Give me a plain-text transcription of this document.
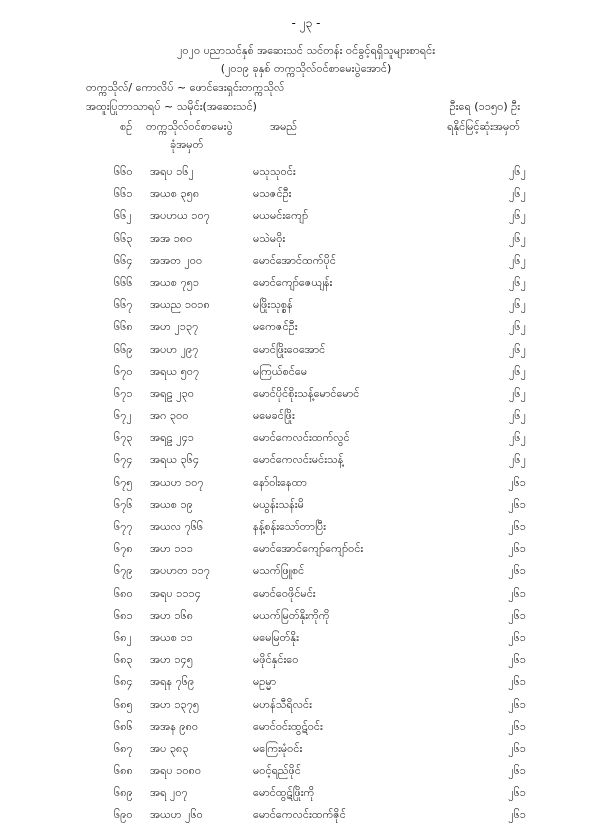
- ၂၃ -
၂၀၂၀ ပညာသင်နှစ် အဆေးသင် သင်တန်း ဝင်ခွင့်ရရှိသူများစာရင်း
(၂၀၁၉ ခုနှစ် တက္ကသိုလ်ဝင်စာမေးပွဲအောင်)
တက္ကသိုလ်/ ကောလိပ် ~ ဖောင်ဒေးရှင်းတက္ကသိုလ်
အထူးပြုဘာသာရပ် ~ သမိုင်း(အဆေးသင်)	ဦးရေ (၁၁၅၀) ဦး
ရနိုင်မြင့်ဆုံးအမှတ်
စဉ် တက္ကသိုလ်ဝင်စာမေးပွဲ
ခုံအမှတ်
အမည်
၆၆၀ အရပ ၁၆၂	မသုသုဝင်း	၂၆၂
၆၆၁ အယစ ၃၅၈	မသဇင်ဦး	၂၆၂
၆၆၂ အပဟယ ၁၀၇	မယမင်းကျော်	၂၆၂
၆၆၃ အအ ၁၈၀	မသဲမဝိုး	၂၆၂
၆၆၄ အအတ ၂၀၀	မောင်အောင်ထက်ပိုင်	၂၆၂
၆၆၆ အယစ ၇၅၁	မောင်ကျော်ဇေယျန်း	၂၆၂
၆၆၇ အယည ၁၀၁၈	မဖြိုးသုစ္စန်	၂၆၂
၆၆၈ အဟ ၂၁၃၇	မကေဇင်ဦး	၂၆၂
၆၆၉ အပဟ ၂၉၇	မောင်ဖြိုးဝေအောင်	၂၆၂
၆၇၀ အရယ ၅၀၇	မကြယ်စင်မေ	၂၆၂
၆၇၁ အရဠ ၂၃၀	မောင်ပိုင်စိုးသန့်မောင်မောင်	၂၆၂
၆၇၂ အဂ ၃၀၀	မမေခင်ဖြိုး	၂၆၂
၆၇၃ အရဠ ၂၄၁	မောင်ကေလင်းထက်လွင်	၂၆၂
၆၇၄ အရယ ၃၆၄	မောင်ကေလင်းမင်းသန့်	၂၆၂
၆၇၅ အယဟ ၁၀၇	နော်ဝါးနေထာ	၂၆၁
၆၇၆ အယစ ၁၉	မယွန်းသန်းမိ	၂၆၁
၆၇၇ အယလ ၇၆၆	နန့်စန်းသော်တာပြီး	၂၆၁
၆၇၈ အဟ ၁၁၁	မောင်အောင်ကျော်ကျော်ဝင်း	၂၆၁
၆၇၉ အပဟတ ၁၁၇	မသက်ဖြူစင်	၂၆၁
၆၈၀ အရပ ၁၁၁၄	မောင်ဝေဖိုင်မင်း	၂၆၁
၆၈၁ အဟ ၁၆၈	မယက်မြတ်နိုးကိုကို	၂၆၁
၆၈၂ အယစ ၁၁	မမေမြတ်နိုး	၂၆၁
၆၈၃ အဟ ၁၄၅	မဖိုင်နှင်းဝေ	၂၆၁
၆၈၄ အရန ၇၆၉	မဥမ္မာ	၂၆၁
၆၈၅ အဟ ၁၃၇၅	မဟန်သီရိလင်း	၂၆၁
၆၈၆ အအန ၉၈၀	မောင်ဝင်းထွဋ်ဝင်း	၂၆၁
၆၈၇ အပ ၃၈၃	မကြေးမုံဝင်း	၂၆၁
၆၈၈ အရပ ၁၀၈၀	မဝင့်ရည်ဖိုင်	၂၆၁
၆၈၉ အရ ၂၀၇	မောင်ထွဋ်ဖြိုးကို	၂၆၁
၆၉၀ အယဟ ၂၆၀	မောင်ကေလင်းထက်ဇိုင်	၂၆၁
